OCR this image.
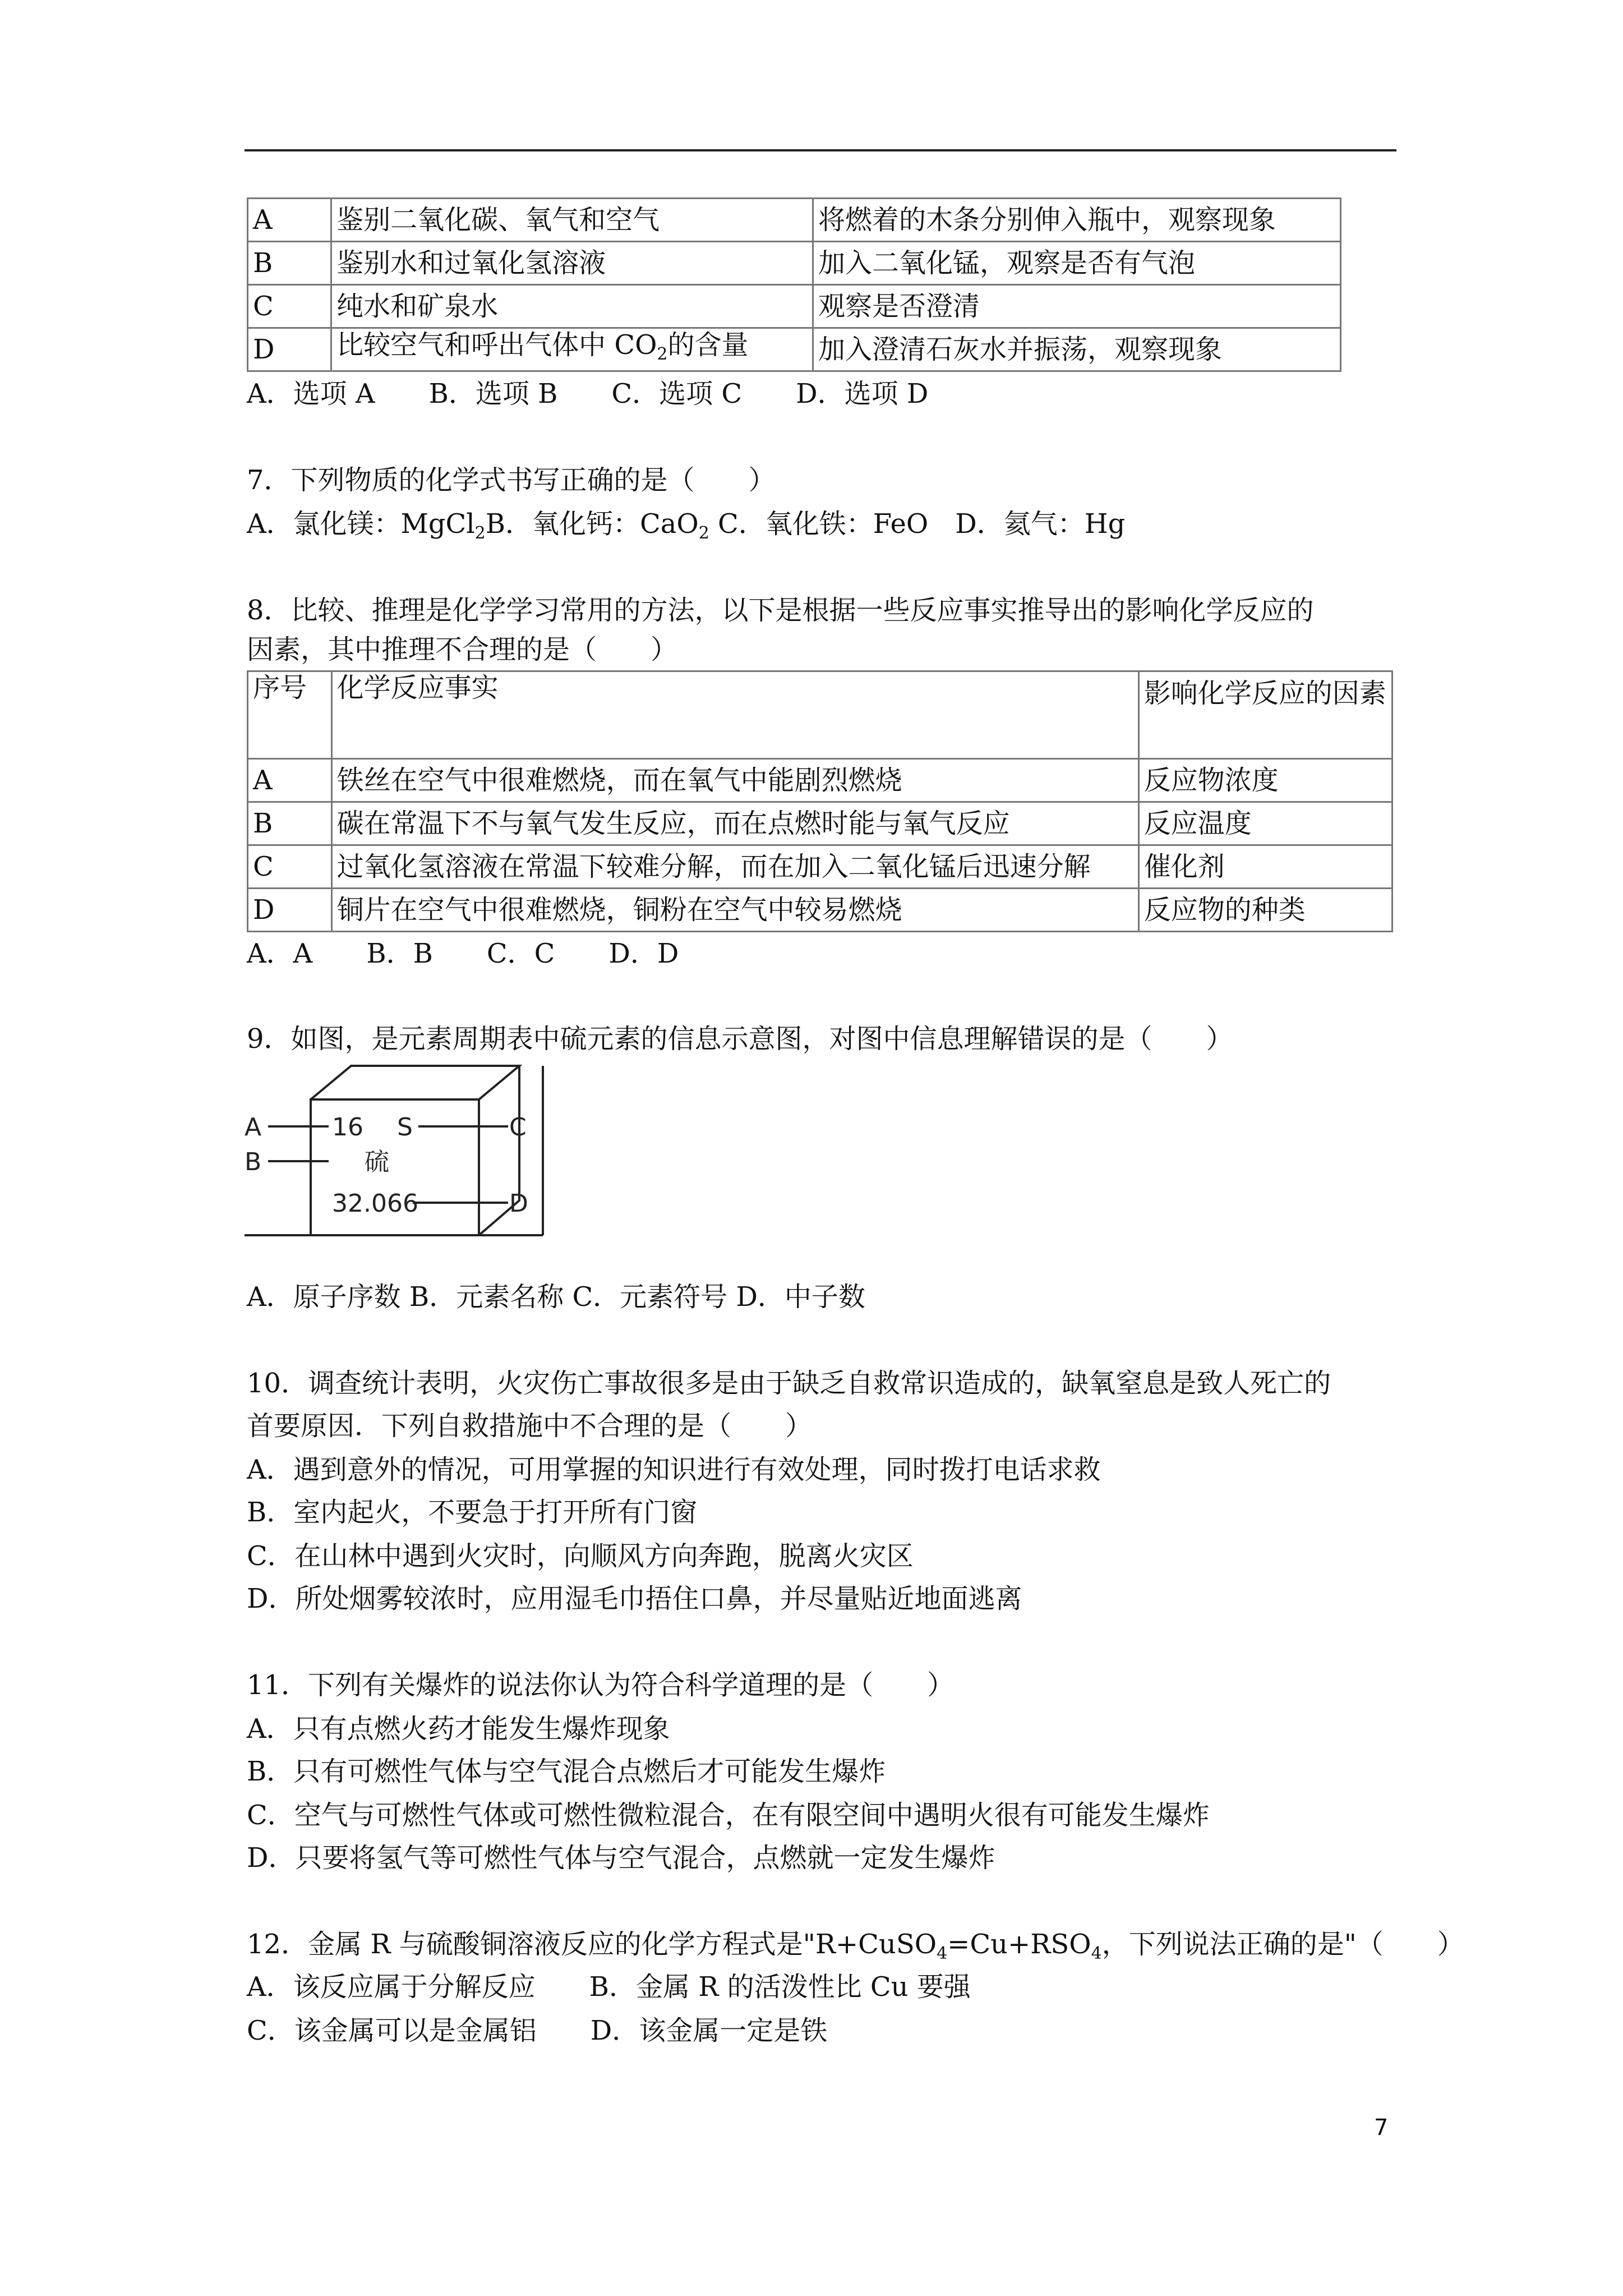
A	鉴别二氧化碳、氧气和空气	将燃着的木条分别伸入瓶中，观察现象
B	鉴别水和过氧化氢溶液	加入二氧化锰，观察是否有气泡
C	纯水和矿泉水	观察是否澄清
D	比较空气和呼出气体中 $CO_2$的含量	加入澄清石灰水并振荡，观察现象
A．选项 A　　B．选项 B　　C．选项 C　　D．选项 D
7．下列物质的化学式书写正确的是（　　）
A．氯化镁：MgCl$_2$B．氧化钙：CaO$_2$ C．氧化铁：FeO　D．氦气：Hg
8．比较、推理是化学学习常用的方法，以下是根据一些反应事实推导出的影响化学反应的
因素，其中推理不合理的是（　　）
序号	化学反应事实	影响化学反应的因素
A	铁丝在空气中很难燃烧，而在氧气中能剧烈燃烧	反应物浓度
B	碳在常温下不与氧气发生反应，而在点燃时能与氧气反应	反应温度
C	过氧化氢溶液在常温下较难分解，而在加入二氧化锰后迅速分解	催化剂
D	铜片在空气中很难燃烧，铜粉在空气中较易燃烧	反应物的种类
A．A　　B．B　　C．C　　D．D
9．如图，是元素周期表中硫元素的信息示意图，对图中信息理解错误的是（　　）
A
B
C
D
16 S
硫
32.066
A．原子序数 B．元素名称 C．元素符号 D．中子数
10．调查统计表明，火灾伤亡事故很多是由于缺乏自救常识造成的，缺氧窒息是致人死亡的
首要原因．下列自救措施中不合理的是（　　）
A．遇到意外的情况，可用掌握的知识进行有效处理，同时拨打电话求救
B．室内起火，不要急于打开所有门窗
C．在山林中遇到火灾时，向顺风方向奔跑，脱离火灾区
D．所处烟雾较浓时，应用湿毛巾捂住口鼻，并尽量贴近地面逃离
11．下列有关爆炸的说法你认为符合科学道理的是（　　）
A．只有点燃火药才能发生爆炸现象
B．只有可燃性气体与空气混合点燃后才可能发生爆炸
C．空气与可燃性气体或可燃性微粒混合，在有限空间中遇明火很有可能发生爆炸
D．只要将氢气等可燃性气体与空气混合，点燃就一定发生爆炸
12．金属 R 与硫酸铜溶液反应的化学方程式是"$R+CuSO_4=Cu+RSO_4$，下列说法正确的是"（　　）
A．该反应属于分解反应　　B．金属 R 的活泼性比 Cu 要强
C．该金属可以是金属铝　　D．该金属一定是铁
7
